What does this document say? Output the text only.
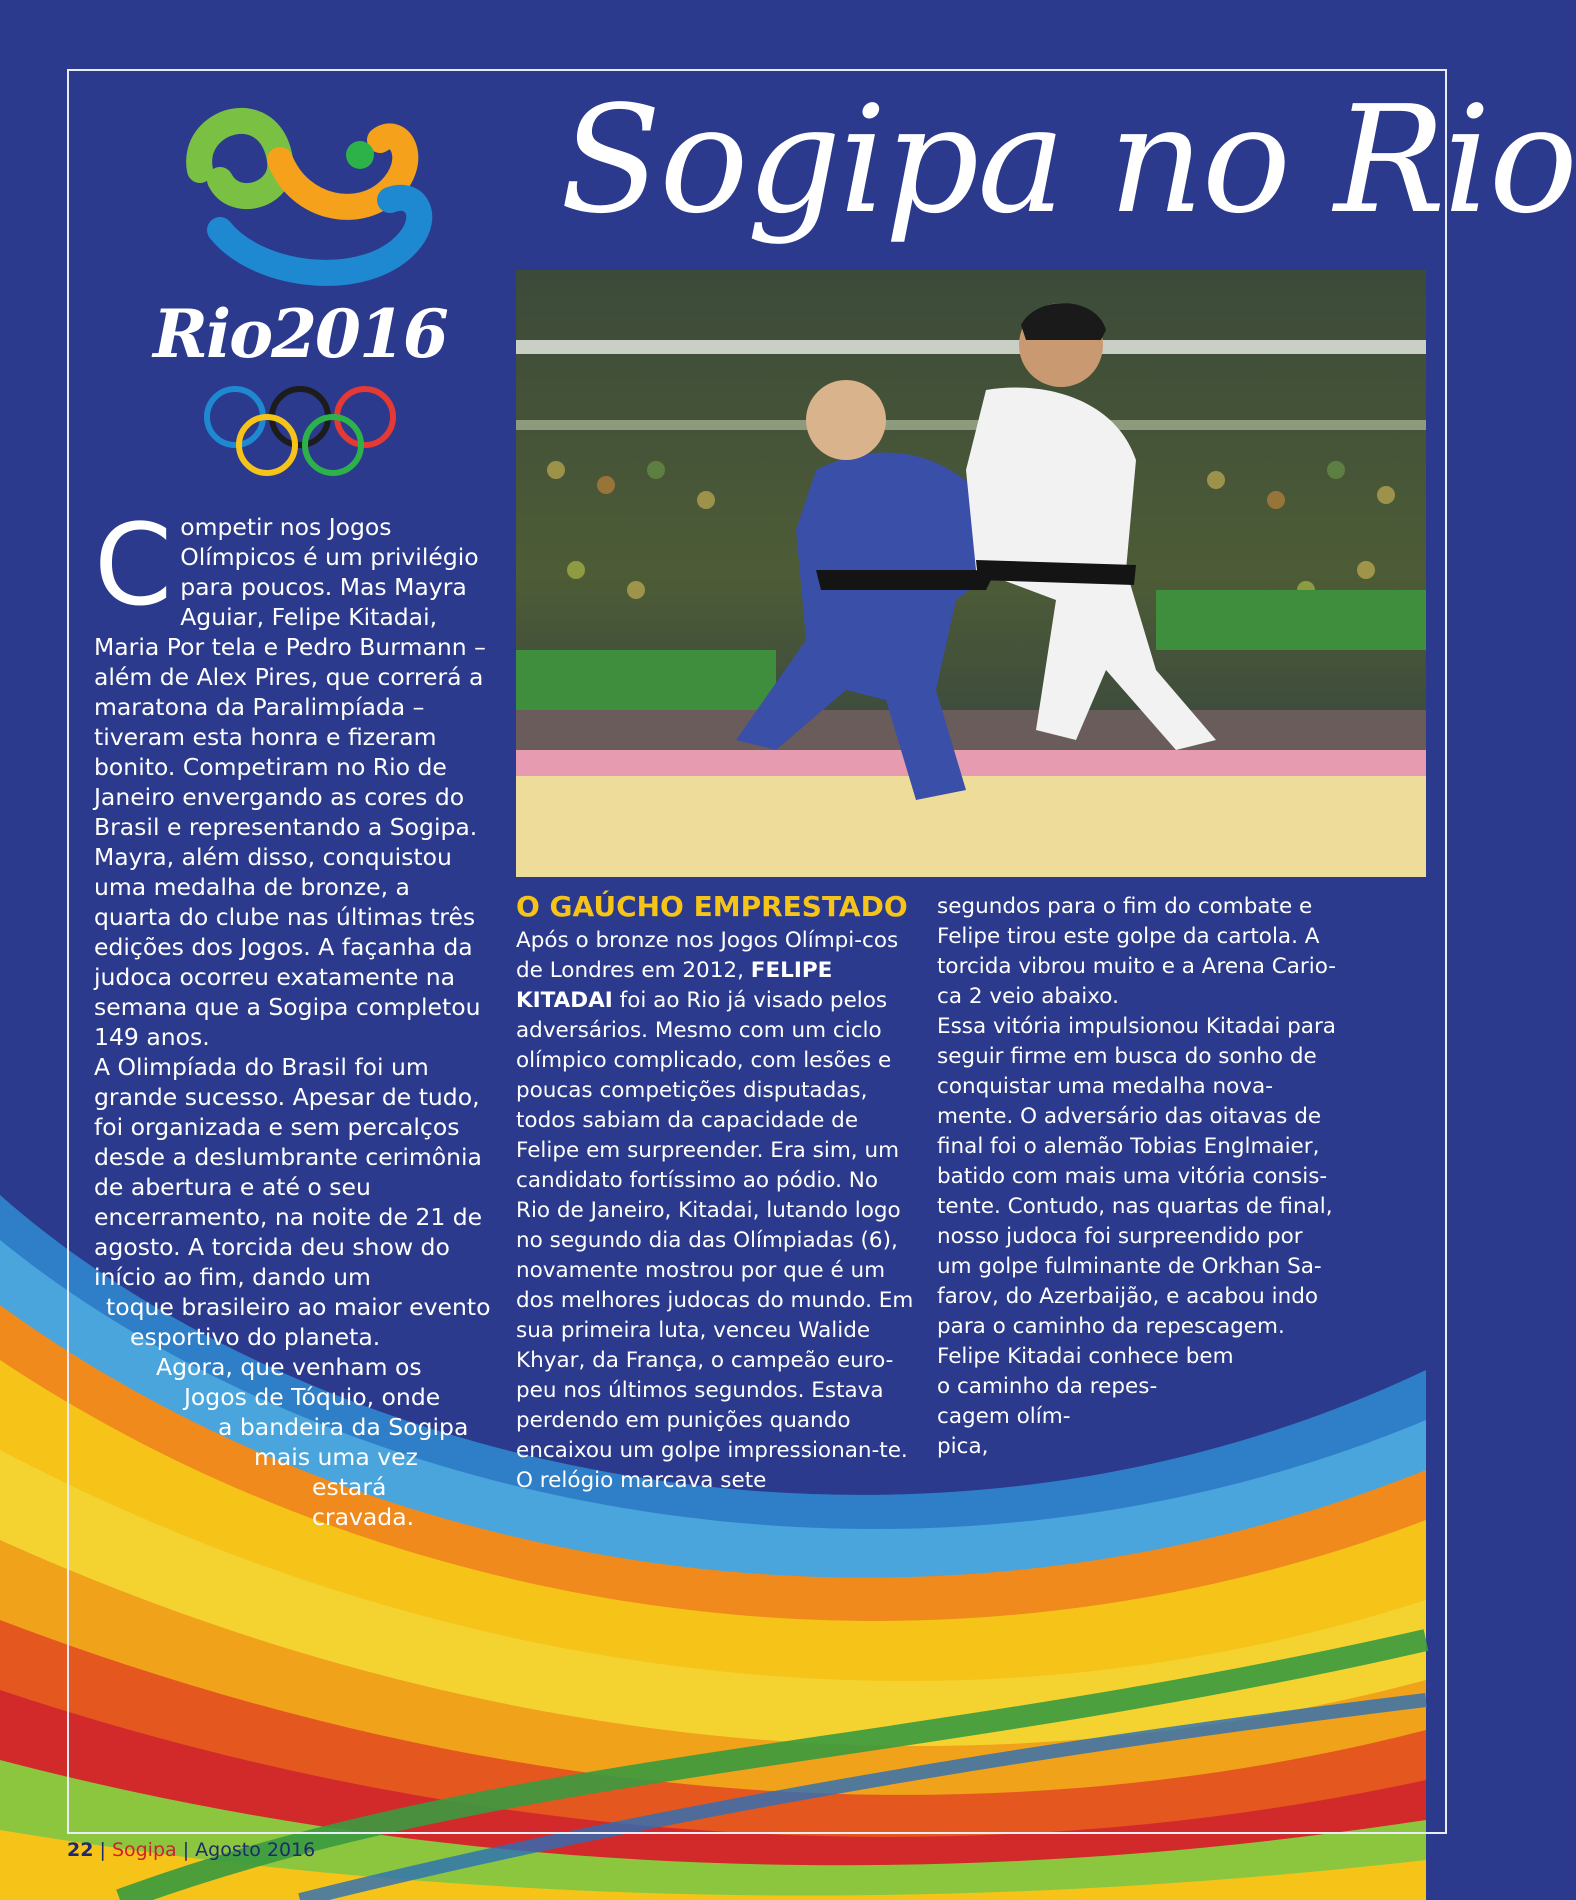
Rio2016
Sogipa no Rio
C ompetir nos Jogos Olímpicos é um privilégio para poucos. Mas Mayra Aguiar, Felipe Kitadai, Maria Por tela e Pedro Burmann – além de Alex Pires, que correrá a maratona da Paralimpíada – tiveram esta honra e fizeram bonito. Competiram no Rio de Janeiro envergando as cores do Brasil e representando a Sogipa. Mayra, além disso, conquistou uma medalha de bronze, a quarta do clube nas últimas três edições dos Jogos. A façanha da judoca ocorreu exatamente na semana que a Sogipa completou 149 anos.

A Olimpíada do Brasil foi um grande sucesso. Apesar de tudo, foi organizada e sem percalços desde a deslumbrante cerimônia de abertura e até o seu encerramento, na noite de 21 de agosto. A torcida deu show do início ao fim, dando um

toque brasileiro ao maior evento
esportivo do planeta.
Agora, que venham os
Jogos de Tóquio, onde
a bandeira da Sogipa
mais uma vez
estará cravada.
O GAÚCHO EMPRESTADO

Após o bronze nos Jogos Olímpi-cos de Londres em 2012, FELIPE KITADAI foi ao Rio já visado pelos adversários. Mesmo com um ciclo olímpico complicado, com lesões e poucas competições disputadas, todos sabiam da capacidade de Felipe em surpreender. Era sim, um candidato fortíssimo ao pódio. No Rio de Janeiro, Kitadai, lutando logo no segundo dia das Olímpiadas (6), novamente mostrou por que é um dos melhores judocas do mundo. Em sua primeira luta, venceu Walide Khyar, da França, o campeão euro-peu nos últimos segundos. Estava perdendo em punições quando encaixou um golpe impressionan-te. O relógio marcava sete

segundos para o fim do combate e Felipe tirou este golpe da cartola. A torcida vibrou muito e a Arena Cario-ca 2 veio abaixo.

Essa vitória impulsionou Kitadai para seguir firme em busca do sonho de conquistar uma medalha nova-mente. O adversário das oitavas de final foi o alemão Tobias Englmaier, batido com mais uma vitória consis-tente. Contudo, nas quartas de final, nosso judoca foi surpreendido por um golpe fulminante de Orkhan Sa-farov, do Azerbaijão, e acabou indo para o caminho da repescagem.

Felipe Kitadai conhece bem
o caminho da repes-
cagem olím-
pica,

22 | Sogipa | Agosto 2016
